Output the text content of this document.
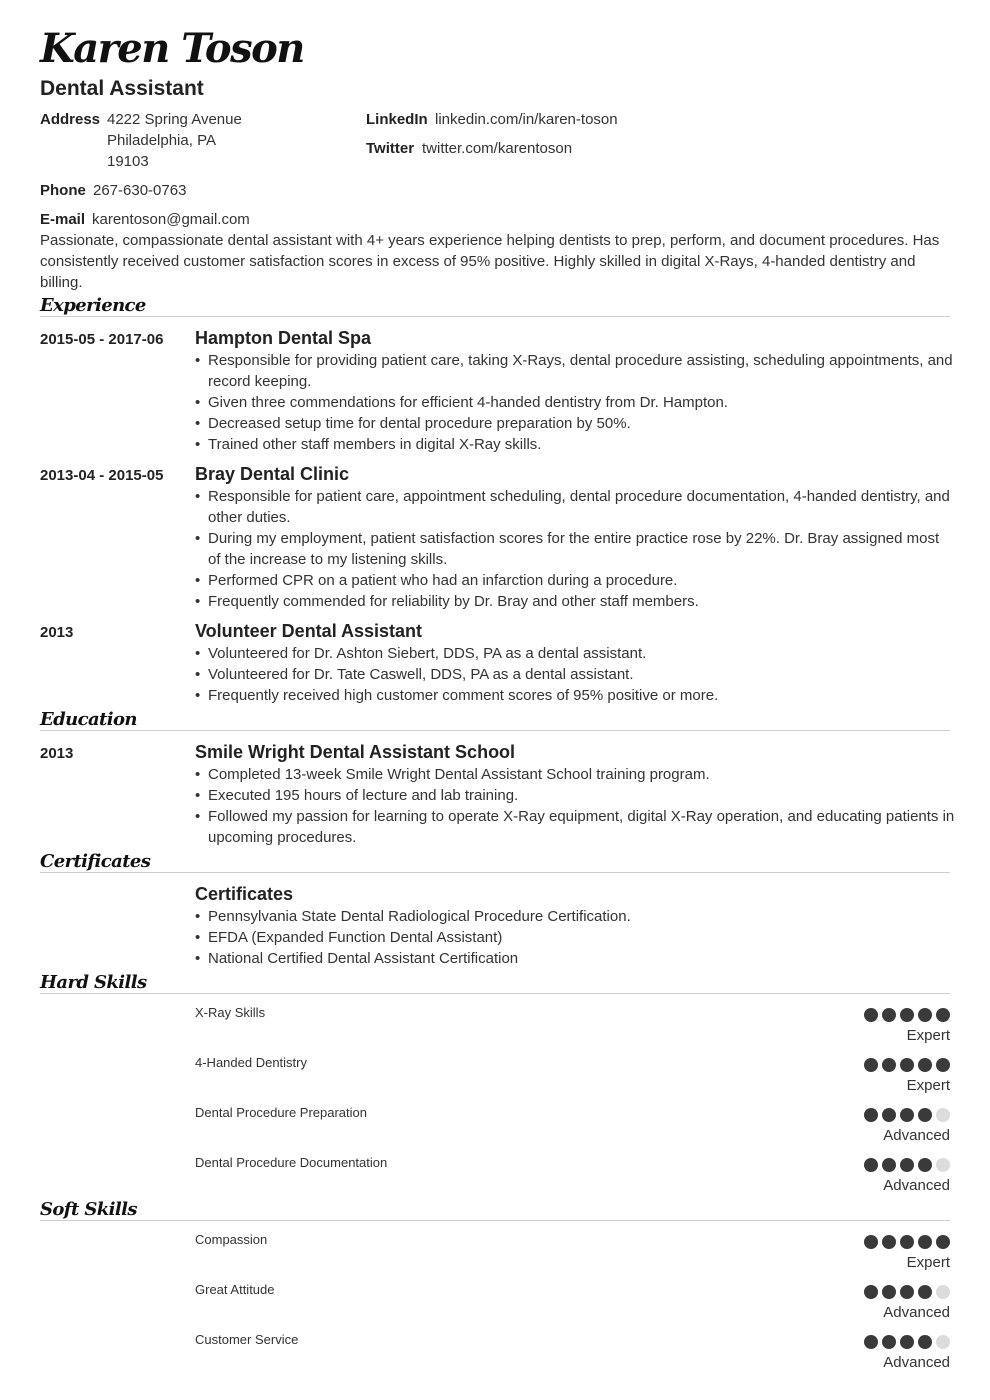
Karen Toson
Dental Assistant
Address 4222 Spring Avenue
Philadelphia, PA
19103
LinkedIn linkedin.com/in/karen-toson
Twitter twitter.com/karentoson
Phone 267-630-0763
E-mail karentoson@gmail.com
Passionate, compassionate dental assistant with 4+ years experience helping dentists to prep, perform, and document procedures. Has consistently received customer satisfaction scores in excess of 95% positive. Highly skilled in digital X-Rays, 4-handed dentistry and billing.
Experience
2015-05 - 2017-06 Hampton Dental Spa
• Responsible for providing patient care, taking X-Rays, dental procedure assisting, scheduling appointments, and record keeping.
• Given three commendations for efficient 4-handed dentistry from Dr. Hampton.
• Decreased setup time for dental procedure preparation by 50%.
• Trained other staff members in digital X-Ray skills.
2013-04 - 2015-05 Bray Dental Clinic
• Responsible for patient care, appointment scheduling, dental procedure documentation, 4-handed dentistry, and other duties.
• During my employment, patient satisfaction scores for the entire practice rose by 22%. Dr. Bray assigned most of the increase to my listening skills.
• Performed CPR on a patient who had an infarction during a procedure.
• Frequently commended for reliability by Dr. Bray and other staff members.
2013	Volunteer Dental Assistant
• Volunteered for Dr. Ashton Siebert, DDS, PA as a dental assistant.
• Volunteered for Dr. Tate Caswell, DDS, PA as a dental assistant.
• Frequently received high customer comment scores of 95% positive or more.
Education
2013	Smile Wright Dental Assistant School
• Completed 13-week Smile Wright Dental Assistant School training program.
• Executed 195 hours of lecture and lab training.
• Followed my passion for learning to operate X-Ray equipment, digital X-Ray operation, and educating patients in upcoming procedures.
Certificates
Certificates
• Pennsylvania State Dental Radiological Procedure Certification.
• EFDA (Expanded Function Dental Assistant)
• National Certified Dental Assistant Certification
Hard Skills
X-Ray Skills
Expert
4-Handed Dentistry
Expert
Dental Procedure Preparation
Advanced
Dental Procedure Documentation
Advanced
Soft Skills
Compassion
Expert
Great Attitude
Advanced
Customer Service
Advanced
